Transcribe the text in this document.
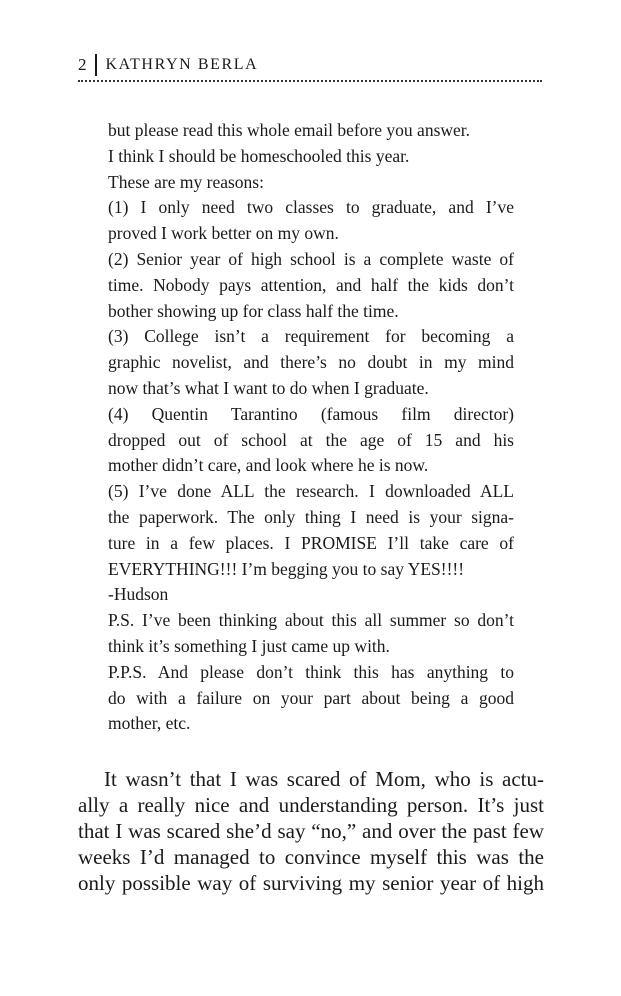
2 KATHRYN BERLA
but please read this whole email before you answer.
I think I should be homeschooled this year.
These are my reasons:
(1) I only need two classes to graduate, and I’ve
proved I work better on my own.
(2) Senior year of high school is a complete waste of
time. Nobody pays attention, and half the kids don’t
bother showing up for class half the time.
(3) College isn’t a requirement for becoming a
graphic novelist, and there’s no doubt in my mind
now that’s what I want to do when I graduate.
(4) Quentin Tarantino (famous film director)
dropped out of school at the age of 15 and his
mother didn’t care, and look where he is now.
(5) I’ve done ALL the research. I downloaded ALL
the paperwork. The only thing I need is your signa-
ture in a few places. I PROMISE I’ll take care of
EVERYTHING!!! I’m begging you to say YES!!!!
-Hudson
P.S. I’ve been thinking about this all summer so don’t
think it’s something I just came up with.
P.P.S. And please don’t think this has anything to
do with a failure on your part about being a good
mother, etc.
It wasn’t that I was scared of Mom, who is actu-
ally a really nice and understanding person. It’s just
that I was scared she’d say “no,” and over the past few
weeks I’d managed to convince myself this was the
only possible way of surviving my senior year of high
